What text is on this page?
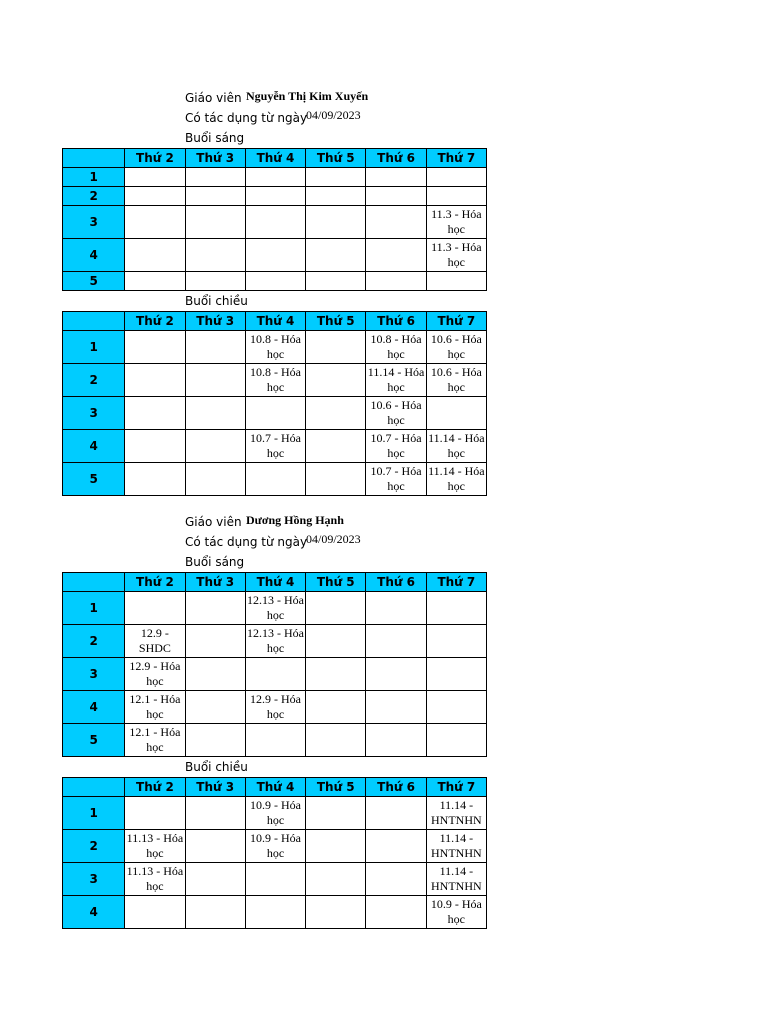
Giáo viên Nguyễn Thị Kim Xuyến
Có tác dụng từ ngày
04/09/2023
Buổi sáng
	Thứ 2	Thứ 3	Thứ 4	Thứ 5	Thứ 6	Thứ 7
1						
2						
3						11.3 - Hóa học
4						11.3 - Hóa học
5						
Buổi chiều
	Thứ 2	Thứ 3	Thứ 4	Thứ 5	Thứ 6	Thứ 7
1			10.8 - Hóa học		10.8 - Hóa học	10.6 - Hóa học
2			10.8 - Hóa học		11.14 - Hóa học	10.6 - Hóa học
3					10.6 - Hóa học	
4			10.7 - Hóa học		10.7 - Hóa học	11.14 - Hóa học
5					10.7 - Hóa học	11.14 - Hóa học
Giáo viên Dương Hồng Hạnh
Có tác dụng từ ngày
04/09/2023
Buổi sáng
	Thứ 2	Thứ 3	Thứ 4	Thứ 5	Thứ 6	Thứ 7
1			12.13 - Hóa học			
2	12.9 - SHDC		12.13 - Hóa học			
3	12.9 - Hóa học					
4	12.1 - Hóa học		12.9 - Hóa học			
5	12.1 - Hóa học					
Buổi chiều
	Thứ 2	Thứ 3	Thứ 4	Thứ 5	Thứ 6	Thứ 7
1			10.9 - Hóa học			11.14 - HNTNHN
2	11.13 - Hóa học		10.9 - Hóa học			11.14 - HNTNHN
3	11.13 - Hóa học					11.14 - HNTNHN
4						10.9 - Hóa học
